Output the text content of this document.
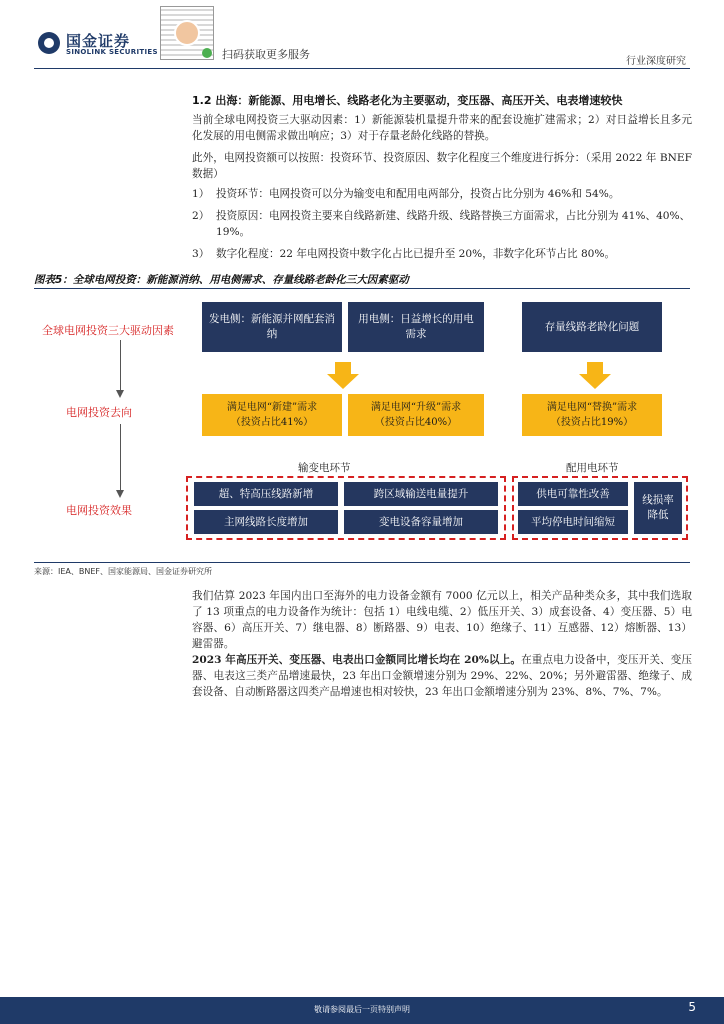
国金证券
SINOLINK SECURITIES	扫码获取更多服务
行业深度研究
1.2 出海：新能源、用电增长、线路老化为主要驱动，变压器、高压开关、电表增速较快
当前全球电网投资三大驱动因素：1）新能源装机量提升带来的配套设施扩建需求；2）对日益增长且多元化发展的用电侧需求做出响应；3）对于存量老龄化线路的替换。
此外，电网投资额可以按照：投资环节、投资原因、数字化程度三个维度进行拆分：（采用 2022 年 BNEF 数据）
1） 投资环节：电网投资可以分为输变电和配用电两部分，投资占比分别为 46%和 54%。
2） 投资原因：电网投资主要来自线路新建、线路升级、线路替换三方面需求，占比分别为 41%、40%、19%。
3） 数字化程度：22 年电网投资中数字化占比已提升至 20%，非数字化环节占比 80%。
图表5：全球电网投资：新能源消纳、用电侧需求、存量线路老龄化三大因素驱动
全球电网投资三大驱动因素
电网投资去向
电网投资效果
发电侧：新能源并网配套消纳
用电侧：日益增长的用电需求
存量线路老龄化问题
满足电网“新建”需求
（投资占比41%）
满足电网“升级”需求
（投资占比40%）
满足电网“替换”需求
（投资占比19%）
输变电环节	配用电环节
超、特高压线路新增	跨区域输送电量提升
主网线路长度增加	变电设备容量增加
供电可靠性改善
平均停电时间缩短
线损率降低
来源：IEA、BNEF、国家能源局、国金证券研究所
我们估算 2023 年国内出口至海外的电力设备金额有 7000 亿元以上，相关产品种类众多，其中我们选取了 13 项重点的电力设备作为统计：包括 1）电线电缆、2）低压开关、3）成套设备、4）变压器、5）电容器、6）高压开关、7）继电器、8）断路器、9）电表、10）绝缘子、11）互感器、12）熔断器、13）避雷器。
2023 年高压开关、变压器、电表出口金额同比增长均在 20%以上。在重点电力设备中，变压开关、变压器、电表这三类产品增速最快，23 年出口金额增速分别为 29%、22%、20%；另外避雷器、绝缘子、成套设备、自动断路器这四类产品增速也相对较快，23 年出口金额增速分别为 23%、8%、7%、7%。
敬请参阅最后一页特别声明	5
